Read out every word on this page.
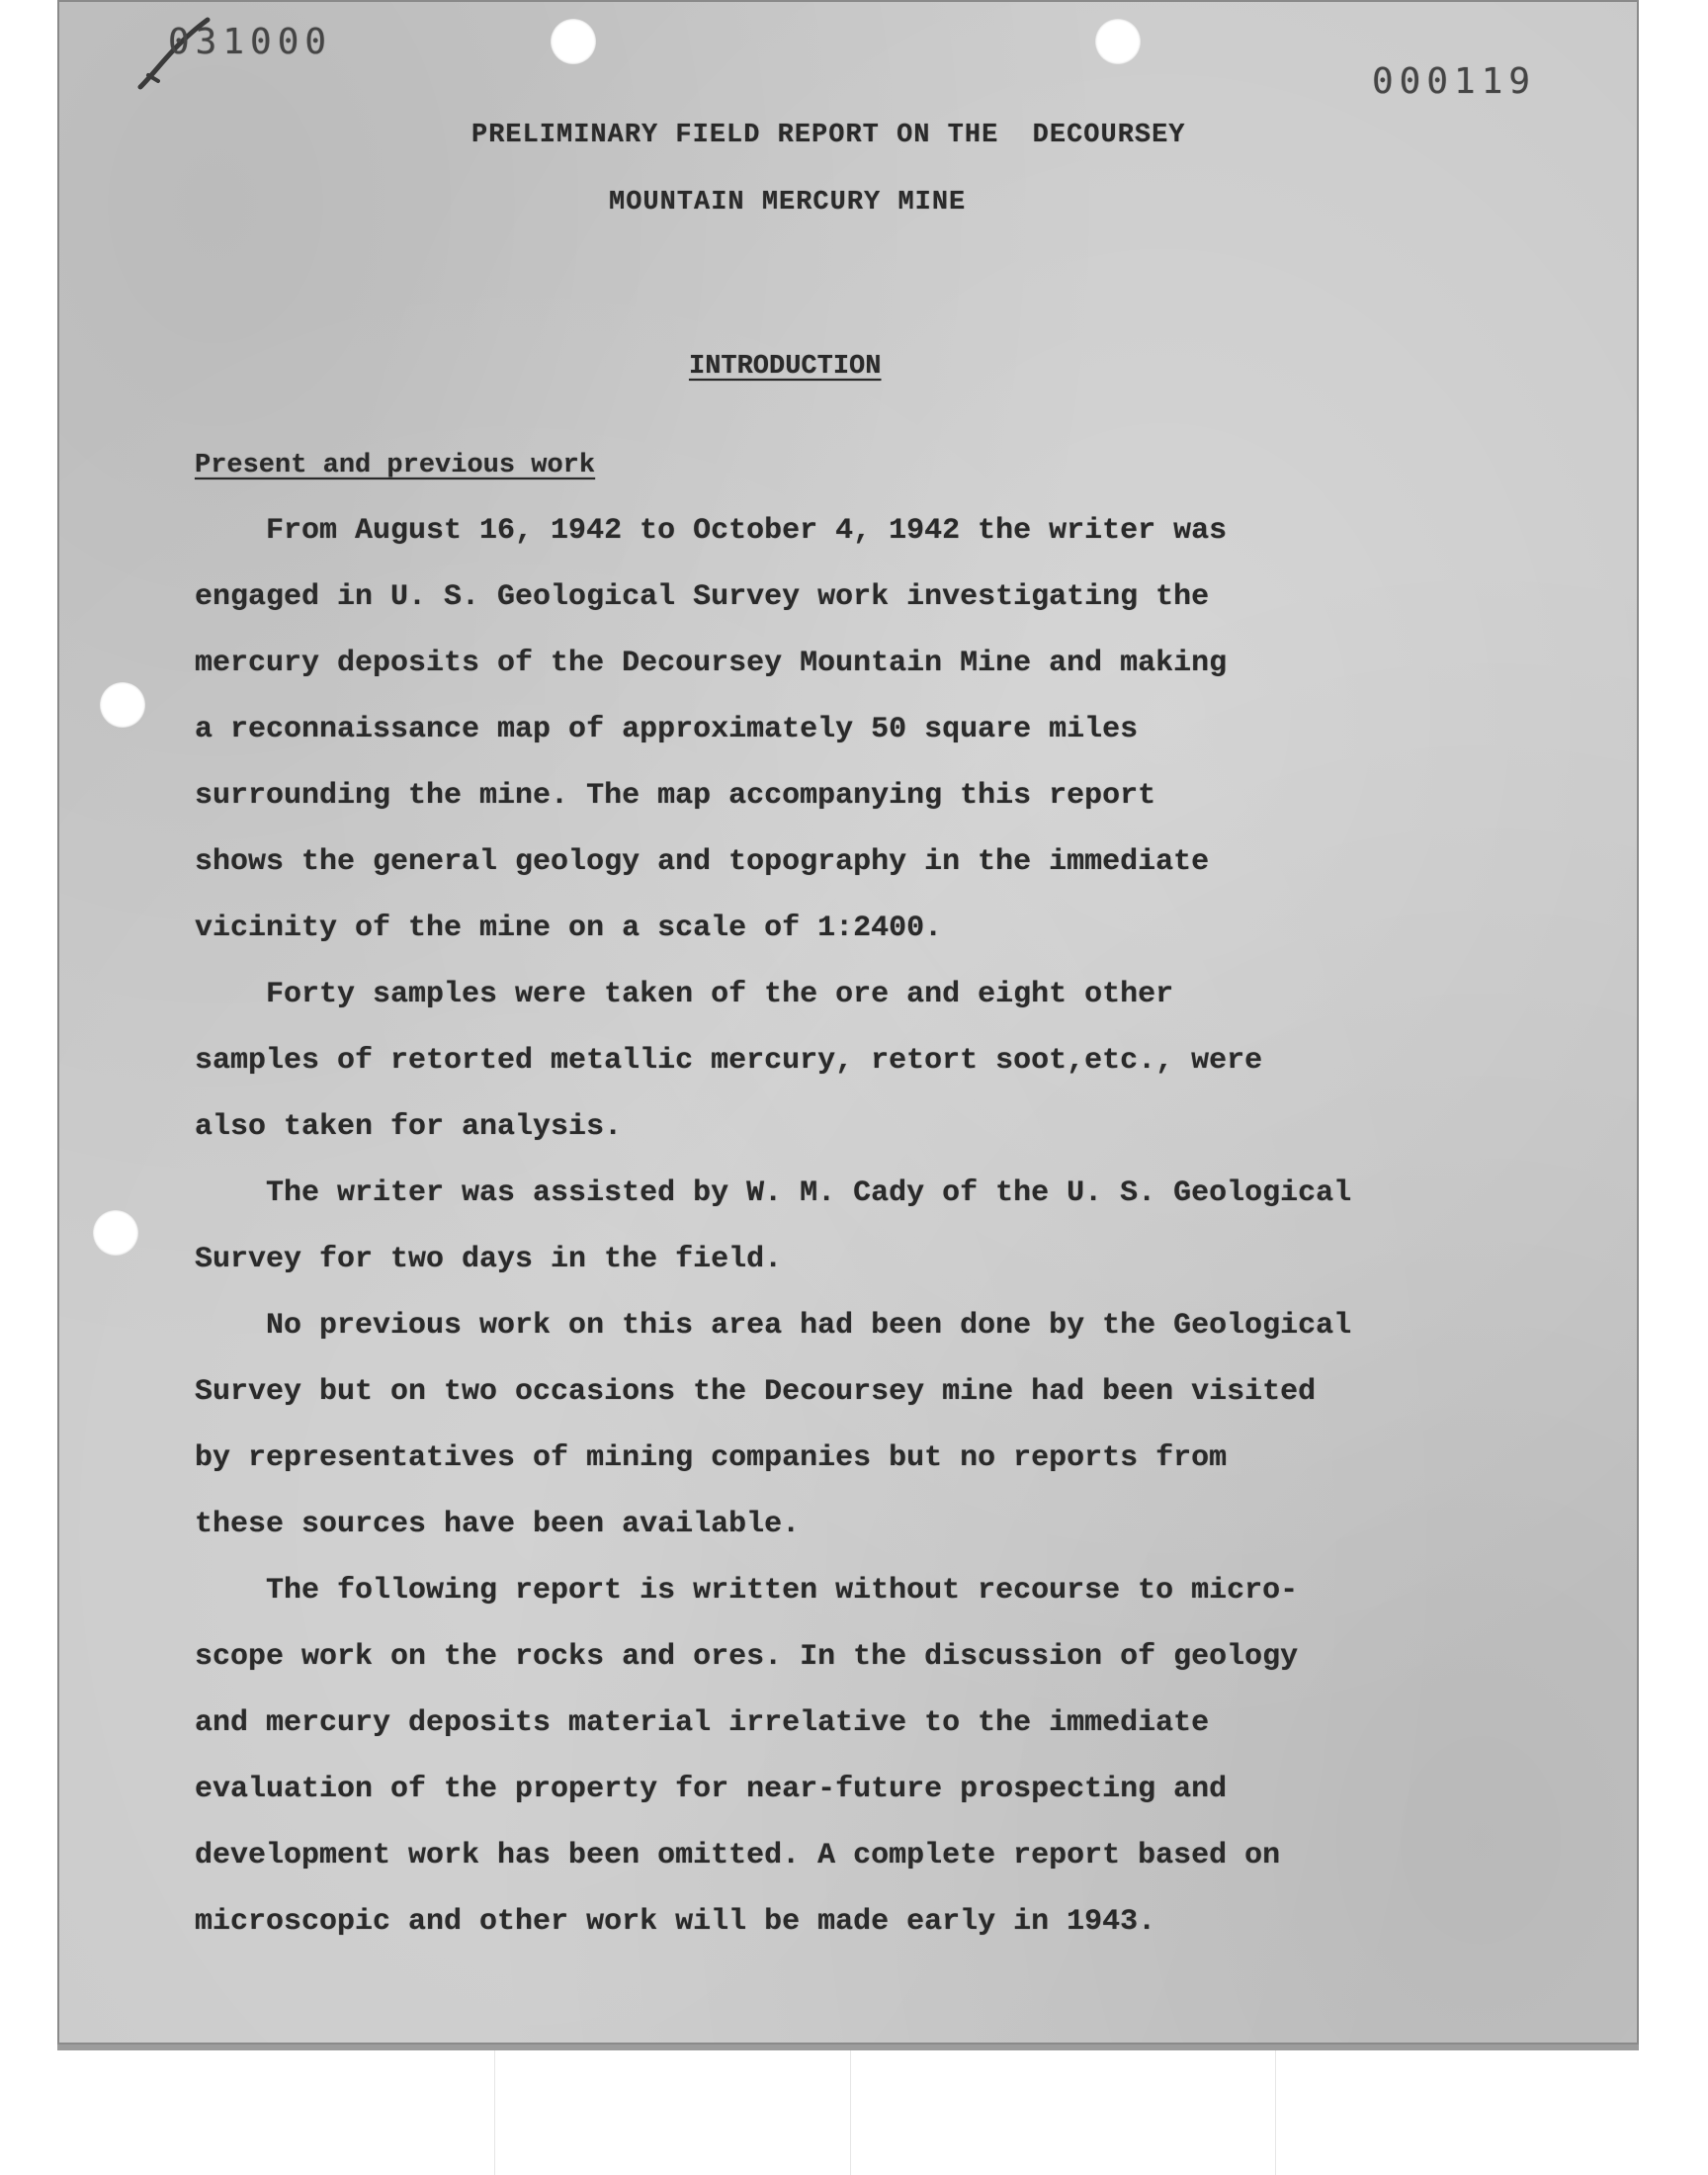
031000
000119
PRELIMINARY FIELD REPORT ON THE  DECOURSEY
MOUNTAIN MERCURY MINE
INTRODUCTION
Present and previous work
From August 16, 1942 to October 4, 1942 the writer was
engaged in U. S. Geological Survey work investigating the
mercury deposits of the Decoursey Mountain Mine and making
a reconnaissance map of approximately 50 square miles
surrounding the mine. The map accompanying this report
shows the general geology and topography in the immediate
vicinity of the mine on a scale of 1:2400.
Forty samples were taken of the ore and eight other
samples of retorted metallic mercury, retort soot,etc., were
also taken for analysis.
The writer was assisted by W. M. Cady of the U. S. Geological
Survey for two days in the field.
No previous work on this area had been done by the Geological
Survey but on two occasions the Decoursey mine had been visited
by representatives of mining companies but no reports from
these sources have been available.
The following report is written without recourse to micro-
scope work on the rocks and ores. In the discussion of geology
and mercury deposits material irrelative to the immediate
evaluation of the property for near-future prospecting and
development work has been omitted. A complete report based on
microscopic and other work will be made early in 1943.
